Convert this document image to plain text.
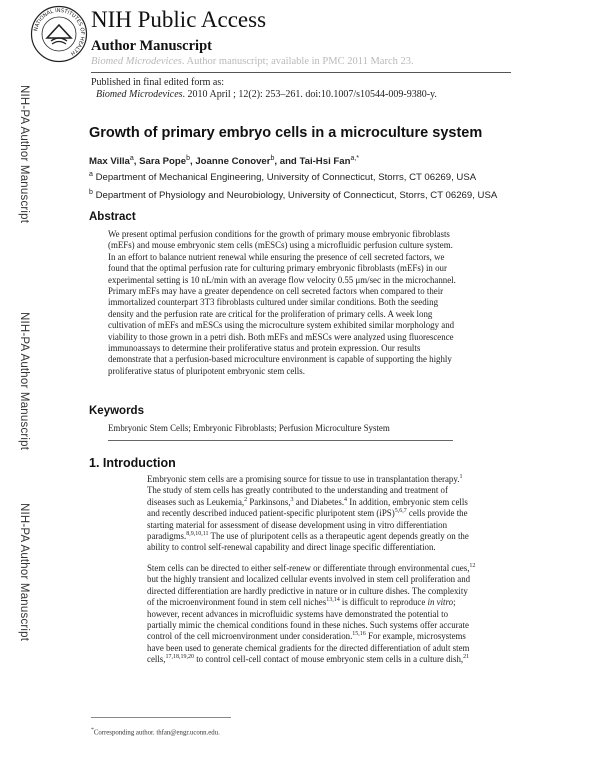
NIH-PA Author Manuscript
NIH-PA Author Manuscript
NIH-PA Author Manuscript
NATIONAL INSTITUTES OF HEALTH
NIH Public Access
Author Manuscript
Biomed Microdevices. Author manuscript; available in PMC 2011 March 23.
Published in final edited form as:
Biomed Microdevices. 2010 April ; 12(2): 253–261. doi:10.1007/s10544-009-9380-y.
Growth of primary embryo cells in a microculture system
Max Villa$^a$, Sara Pope$^b$, Joanne Conover$^b$, and Tai-Hsi Fan$^{a,*}$
$^a$ Department of Mechanical Engineering, University of Connecticut, Storrs, CT 06269, USA
$^b$ Department of Physiology and Neurobiology, University of Connecticut, Storrs, CT 06269, USA
Abstract
We present optimal perfusion conditions for the growth of primary mouse embryonic fibroblasts
(mEFs) and mouse embryonic stem cells (mESCs) using a microfluidic perfusion culture system.
In an effort to balance nutrient renewal while ensuring the presence of cell secreted factors, we
found that the optimal perfusion rate for culturing primary embryonic fibroblasts (mEFs) in our
experimental setting is 10 nL/min with an average flow velocity 0.55 μm/sec in the microchannel.
Primary mEFs may have a greater dependence on cell secreted factors when compared to their
immortalized counterpart 3T3 fibroblasts cultured under similar conditions. Both the seeding
density and the perfusion rate are critical for the proliferation of primary cells. A week long
cultivation of mEFs and mESCs using the microculture system exhibited similar morphology and
viability to those grown in a petri dish. Both mEFs and mESCs were analyzed using fluorescence
immunoassays to determine their proliferative status and protein expression. Our results
demonstrate that a perfusion-based microculture environment is capable of supporting the highly
proliferative status of pluripotent embryonic stem cells.
Keywords
Embryonic Stem Cells; Embryonic Fibroblasts; Perfusion Microculture System
1. Introduction
Embryonic stem cells are a promising source for tissue to use in transplantation therapy.$^1$
The study of stem cells has greatly contributed to the understanding and treatment of
diseases such as Leukemia,$^2$ Parkinsons,$^3$ and Diabetes.$^4$ In addition, embryonic stem cells
and recently described induced patient-specific pluripotent stem (iPS)$^{5,6,7}$ cells provide the
starting material for assessment of disease development using in vitro differentiation
paradigms.$^{8,9,10,11}$ The use of pluripotent cells as a therapeutic agent depends greatly on the
ability to control self-renewal capability and direct linage specific differentiation.
Stem cells can be directed to either self-renew or differentiate through environmental cues,$^{12}$
but the highly transient and localized cellular events involved in stem cell proliferation and
directed differentiation are hardly predictive in nature or in culture dishes. The complexity
of the microenvironment found in stem cell niches$^{13,14}$ is difficult to reproduce in vitro;
however, recent advances in microfluidic systems have demonstrated the potential to
partially mimic the chemical conditions found in these niches. Such systems offer accurate
control of the cell microenvironment under consideration.$^{15,16}$ For example, microsystems
have been used to generate chemical gradients for the directed differentiation of adult stem
cells,$^{17,18,19,20}$ to control cell-cell contact of mouse embryonic stem cells in a culture dish,$^{21}$
*Corresponding author. thfan@engr.uconn.edu.
